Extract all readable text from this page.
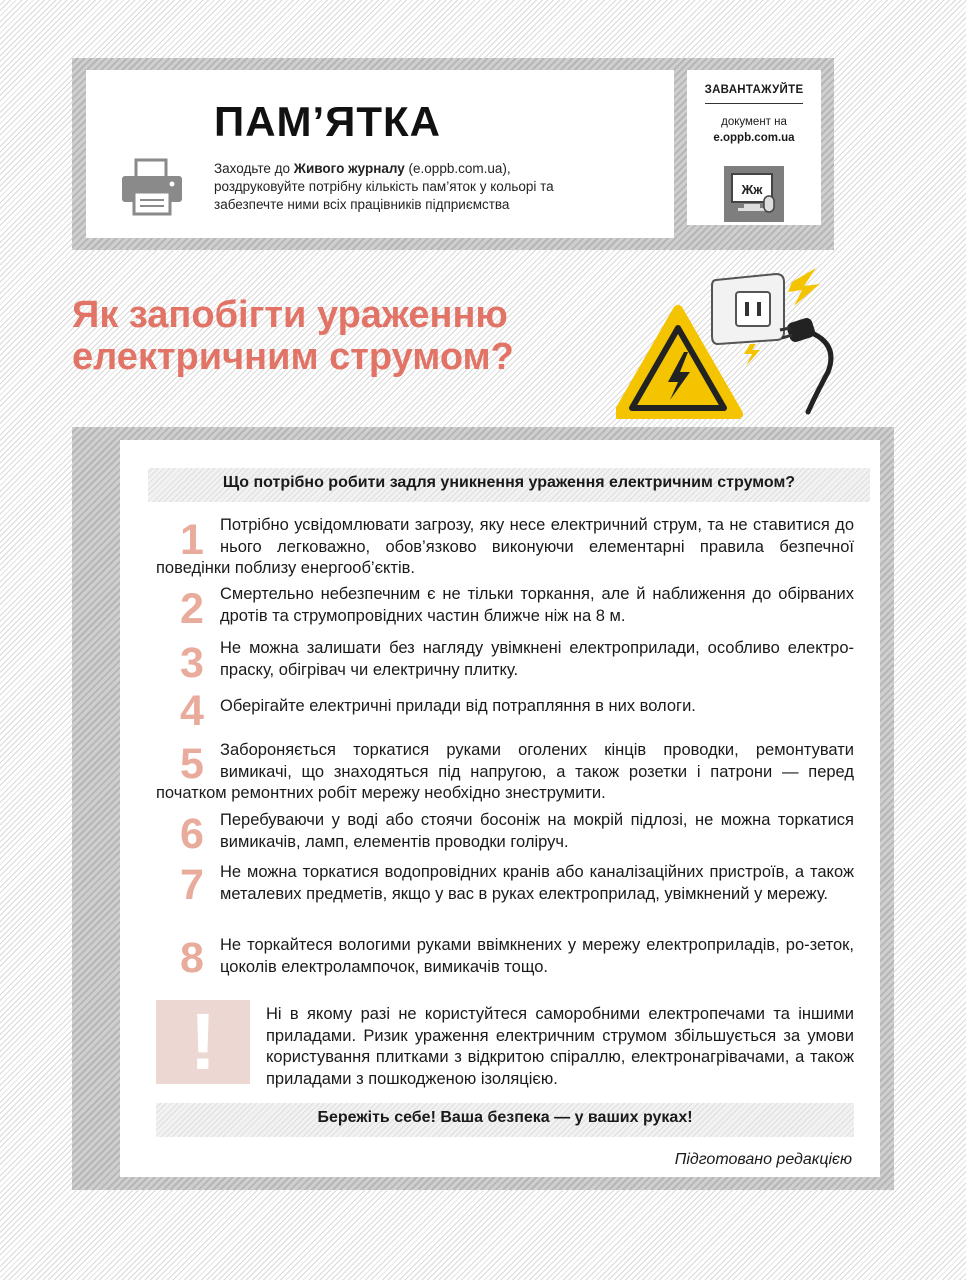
ПАМ’ЯТКА
Заходьте до Живого журналу (e.oppb.com.ua), роздруковуйте потрібну кількість пам’яток у кольорі та забезпечте ними всіх працівників підприємства
ЗАВАНТАЖУЙТЕ
документ на
e.oppb.com.ua
Жж
Як запобігти ураженню
електричним струмом?
Що потрібно робити задля уникнення ураження електричним струмом?
1 Потрібно усвідомлювати загрозу, яку несе електричний струм, та не ставитися до нього легковажно, обов’язково виконуючи елементарні правила безпечної поведінки поблизу енергооб’єктів.
2 Смертельно небезпечним є не тільки торкання, але й наближення до обірваних дротів та струмопровідних частин ближче ніж на 8 м.
3 Не можна залишати без нагляду увімкнені електроприлади, особливо електро-праску, обігрівач чи електричну плитку.
4 Оберігайте електричні прилади від потрапляння в них вологи.
5 Забороняється торкатися руками оголених кінців проводки, ремонтувати вимикачі, що знаходяться під напругою, а також розетки і патрони — перед початком ремонтних робіт мережу необхідно знеструмити.
6 Перебуваючи у воді або стоячи босоніж на мокрій підлозі, не можна торкатися вимикачів, ламп, елементів проводки голіруч.
7 Не можна торкатися водопровідних кранів або каналізаційних пристроїв, а також металевих предметів, якщо у вас в руках електроприлад, увімкнений у мережу.
8 Не торкайтеся вологими руками ввімкнених у мережу електроприладів, ро-зеток, цоколів електролампочок, вимикачів тощо.
!	Ні в якому разі не користуйтеся саморобними електропечами та іншими приладами. Ризик ураження електричним струмом збільшується за умови користування плитками з відкритою спіраллю, електронагрівачами, а також приладами з пошкодженою ізоляцією.
Бережіть себе! Ваша безпека — у ваших руках!
Підготовано редакцією
